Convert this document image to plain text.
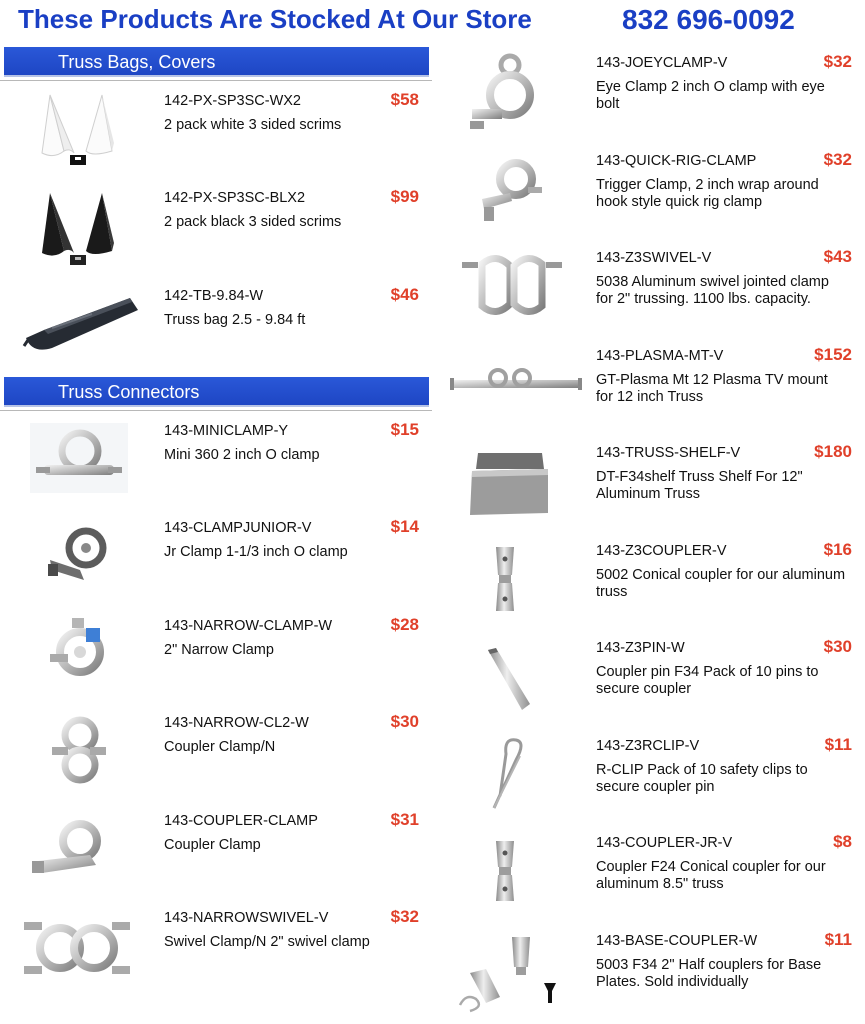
These Products Are Stocked At Our Store	832 696-0092
Truss Bags, Covers
Truss Connectors
142-PX-SP3SC-WX2	$58
2 pack white 3 sided scrims
142-PX-SP3SC-BLX2	$99
2 pack black 3 sided scrims
142-TB-9.84-W	$46
Truss bag 2.5 - 9.84 ft
143-MINICLAMP-Y	$15
Mini 360 2 inch O clamp
143-CLAMPJUNIOR-V	$14
Jr Clamp 1-1/3 inch O clamp
143-NARROW-CLAMP-W	$28
2" Narrow Clamp
143-NARROW-CL2-W	$30
Coupler Clamp/N
143-COUPLER-CLAMP	$31
Coupler Clamp
143-NARROWSWIVEL-V	$32
Swivel Clamp/N 2" swivel clamp
143-JOEYCLAMP-V	$32
Eye Clamp 2 inch O clamp with eye bolt
143-QUICK-RIG-CLAMP	$32
Trigger Clamp, 2 inch wrap around hook style quick rig clamp
143-Z3SWIVEL-V	$43
5038 Aluminum swivel jointed clamp for 2" trussing. 1100 lbs. capacity.
143-PLASMA-MT-V	$152
GT-Plasma Mt 12 Plasma TV mount for 12 inch Truss
143-TRUSS-SHELF-V	$180
DT-F34shelf Truss Shelf For 12" Aluminum Truss
143-Z3COUPLER-V	$16
5002 Conical coupler for our aluminum truss
143-Z3PIN-W	$30
Coupler pin F34 Pack of 10 pins to secure coupler
143-Z3RCLIP-V	$11
R-CLIP Pack of 10 safety clips to secure coupler pin
143-COUPLER-JR-V	$8
Coupler F24 Conical coupler for our aluminum 8.5" truss
143-BASE-COUPLER-W	$11
5003 F34 2" Half couplers for Base Plates. Sold individually
